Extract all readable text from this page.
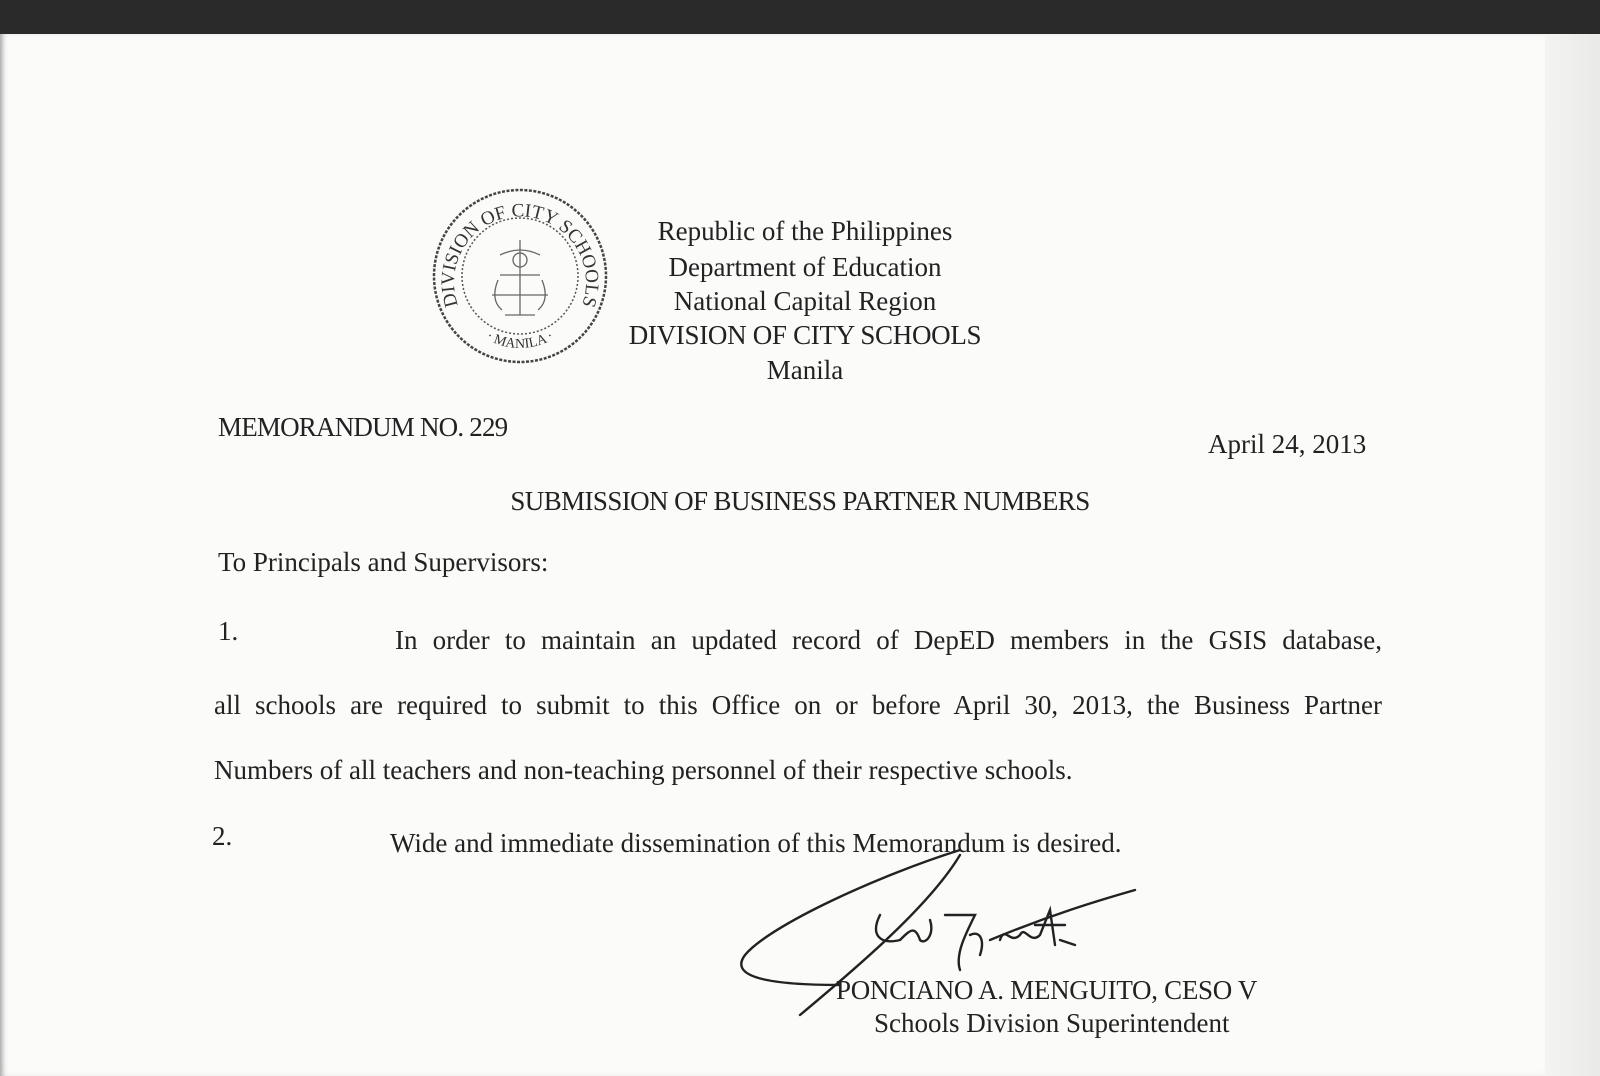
DIVISION OF CITY SCHOOLS
· MANILA ·
Republic of the Philippines
Department of Education
National Capital Region
DIVISION OF CITY SCHOOLS
Manila
MEMORANDUM NO. 229
April 24, 2013
SUBMISSION OF BUSINESS PARTNER NUMBERS
To Principals and Supervisors:
1.	In order to maintain an updated record of DepED members in the GSIS database,
all schools are required to submit to this Office on or before April 30, 2013, the Business Partner
Numbers of all teachers and non-teaching personnel of their respective schools.
2.	Wide and immediate dissemination of this Memorandum is desired.
PONCIANO A. MENGUITO, CESO V
Schools Division Superintendent
